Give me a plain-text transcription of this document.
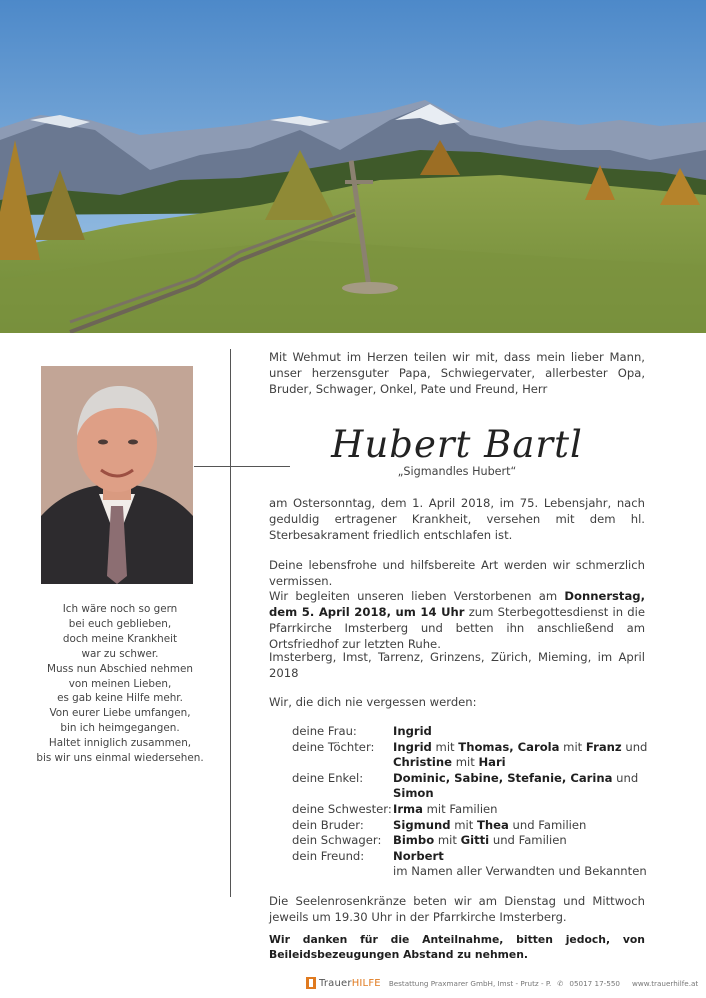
Ich wäre noch so gern
bei euch geblieben,
doch meine Krankheit
war zu schwer.
Muss nun Abschied nehmen
von meinen Lieben,
es gab keine Hilfe mehr.
Von eurer Liebe umfangen,
bin ich heimgegangen.
Haltet inniglich zusammen,
bis wir uns einmal wiedersehen.

Mit Wehmut im Herzen teilen wir mit, dass mein lieber Mann, unser herzensguter Papa, Schwiegervater, allerbester Opa, Bruder, Schwager, Onkel, Pate und Freund, Herr

Hubert Bartl
„Sigmandles Hubert“

am Ostersonntag, dem 1. April 2018, im 75. Lebensjahr, nach geduldig ertragener Krankheit, versehen mit dem hl. Sterbesakrament friedlich entschlafen ist.

Deine lebensfrohe und hilfsbereite Art werden wir schmerzlich vermissen.

Wir begleiten unseren lieben Verstorbenen am Donnerstag, dem 5. April 2018, um 14 Uhr zum Sterbegottesdienst in die Pfarrkirche Imsterberg und betten ihn anschließend am Ortsfriedhof zur letzten Ruhe.

Imsterberg, Imst, Tarrenz, Grinzens, Zürich, Mieming, im April 2018

Wir, die dich nie vergessen werden:

deine Frau:	Ingrid
deine Töchter:	Ingrid mit Thomas, Carola mit Franz und
Christine mit Hari
deine Enkel:	Dominic, Sabine, Stefanie, Carina und Simon
deine Schwester: Irma mit Familien
dein Bruder:	Sigmund mit Thea und Familien
dein Schwager:	Bimbo mit Gitti und Familien
dein Freund:	Norbert
im Namen aller Verwandten und Bekannten

Die Seelenrosenkränze beten wir am Dienstag und Mittwoch jeweils um 19.30 Uhr in der Pfarrkirche Imsterberg.

Wir danken für die Anteilnahme, bitten jedoch, von Beileidsbezeugungen Abstand zu nehmen.

TrauerHILFE Bestattung Praxmarer GmbH, Imst - Prutz - P. ✆ 05017 17-550 www.trauerhilfe.at
